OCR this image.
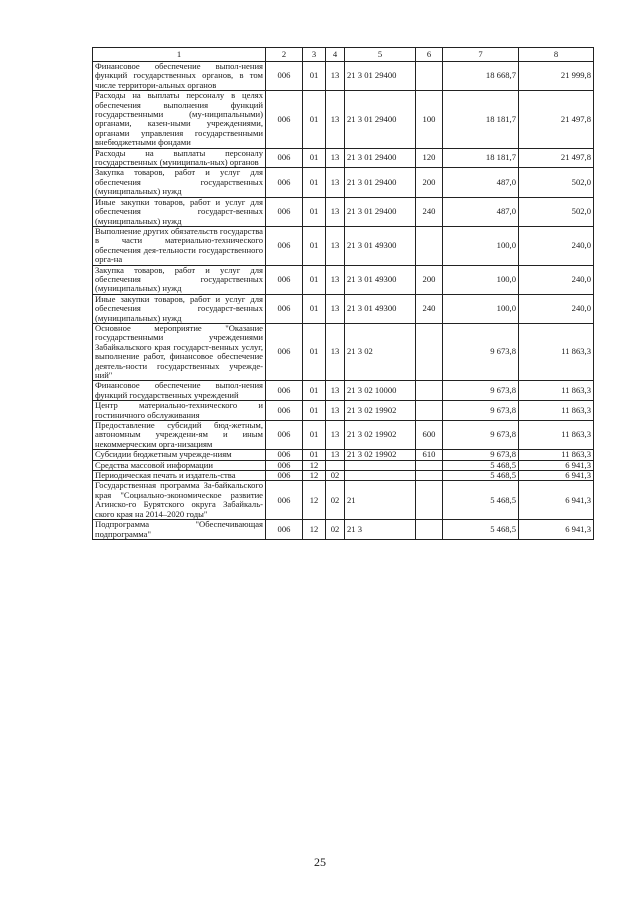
1	2	3	4	5	6	7	8
Финансовое обеспечение выпол-нения функций государственных органов, в том числе территори-альных органов	006	01	13	21 3 01 29400		18 668,7	21 999,8
Расходы на выплаты персоналу в целях обеспечения выполнения функций государственными (му-ниципальными) органами, казен-ными учреждениями, органами управления государственными внебюджетными фондами	006	01	13	21 3 01 29400	100	18 181,7	21 497,8
Расходы на выплаты персоналу государственных (муниципаль-ных) органов	006	01	13	21 3 01 29400	120	18 181,7	21 497,8
Закупка товаров, работ и услуг для обеспечения государственных (муниципальных) нужд	006	01	13	21 3 01 29400	200	487,0	502,0
Иные закупки товаров, работ и услуг для обеспечения государст-венных (муниципальных) нужд	006	01	13	21 3 01 29400	240	487,0	502,0
Выполнение других обязательств государства в части материально-технического обеспечения дея-тельности государственного орга-на	006	01	13	21 3 01 49300		100,0	240,0
Закупка товаров, работ и услуг для обеспечения государственных (муниципальных) нужд	006	01	13	21 3 01 49300	200	100,0	240,0
Иные закупки товаров, работ и услуг для обеспечения государст-венных (муниципальных) нужд	006	01	13	21 3 01 49300	240	100,0	240,0
Основное мероприятие "Оказание государственными учреждениями Забайкальского края государст-венных услуг, выполнение работ, финансовое обеспечение деятель-ности государственных учрежде-ний"	006	01	13	21 3 02		9 673,8	11 863,3
Финансовое обеспечение выпол-нения функций государственных учреждений	006	01	13	21 3 02 10000		9 673,8	11 863,3
Центр материально-технического и гостиничного обслуживания	006	01	13	21 3 02 19902		9 673,8	11 863,3
Предоставление субсидий бюд-жетным, автономным учреждени-ям и иным некоммерческим орга-низациям	006	01	13	21 3 02 19902	600	9 673,8	11 863,3
Субсидии бюджетным учрежде-ниям	006	01	13	21 3 02 19902	610	9 673,8	11 863,3
Средства массовой информации	006	12				5 468,5	6 941,3
Периодическая печать и издатель-ства	006	12	02			5 468,5	6 941,3
Государственная программа За-байкальского края "Социально-экономическое развитие Агинско-го Бурятского округа Забайкаль-ского края на 2014–2020 годы"	006	12	02	21		5 468,5	6 941,3
Подпрограмма "Обеспечивающая подпрограмма"	006	12	02	21 3		5 468,5	6 941,3
25
